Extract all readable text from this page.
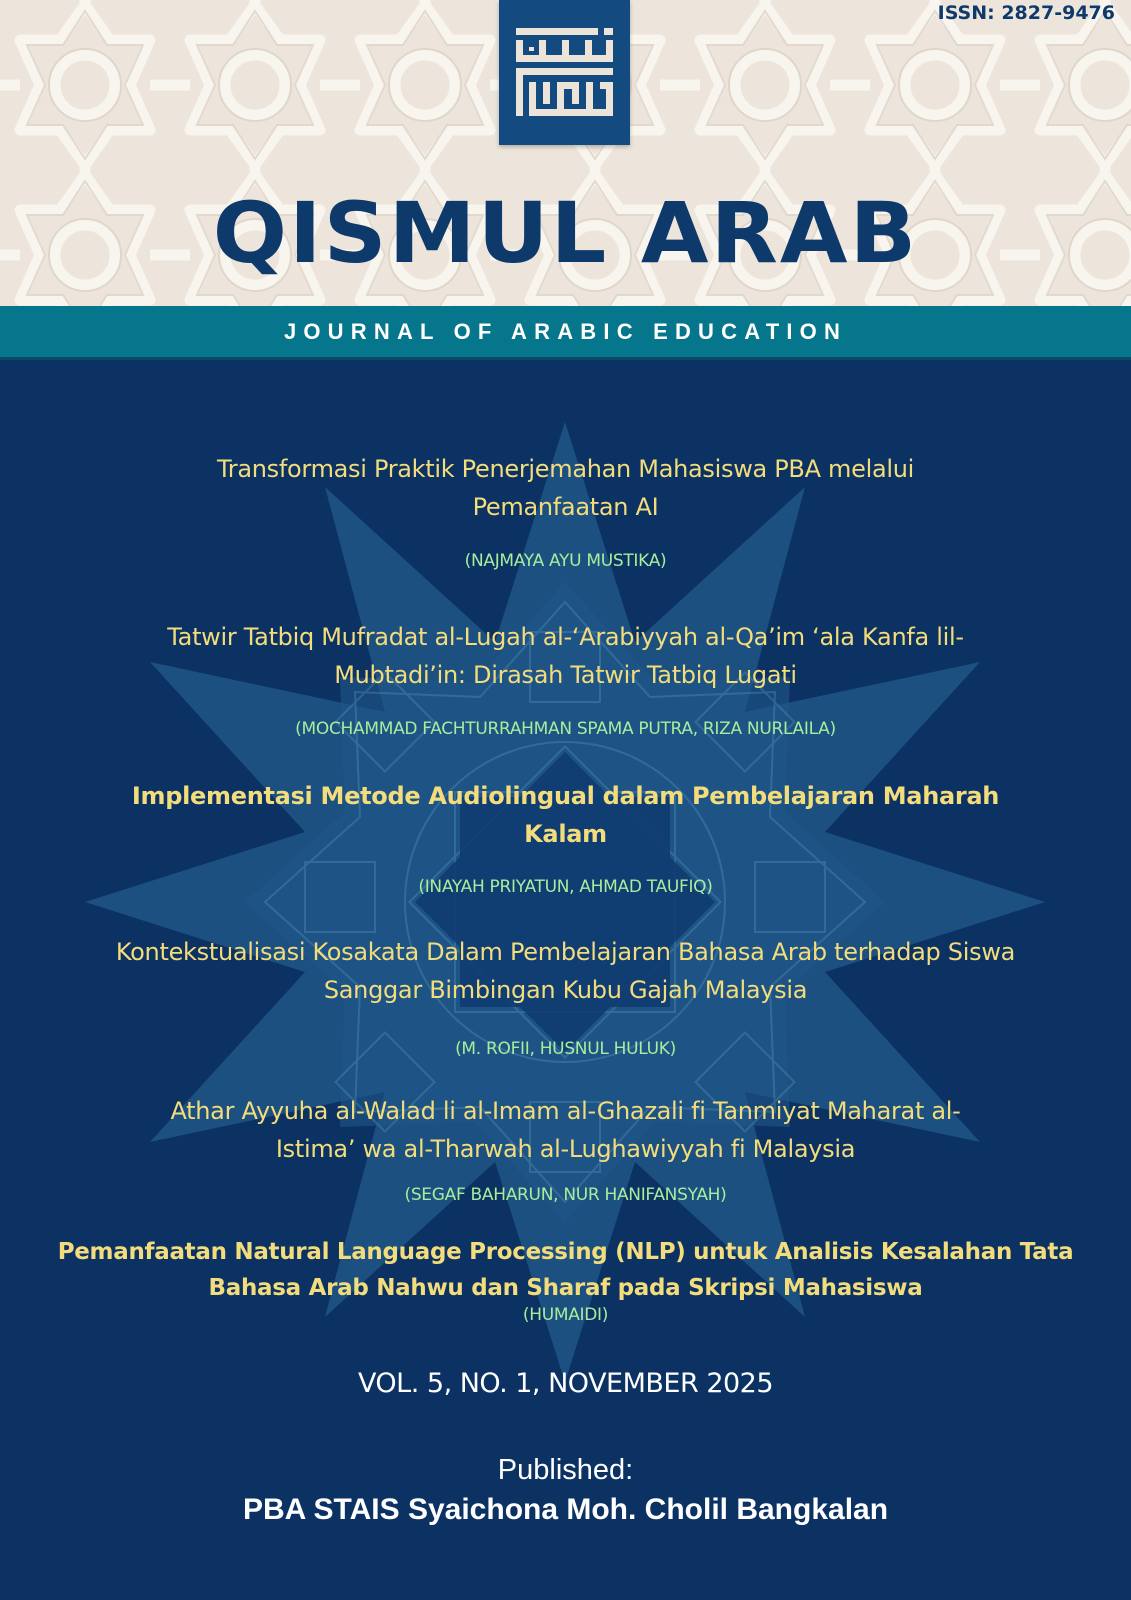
ISSN: 2827-9476
QISMUL ARAB
JOURNAL OF ARABIC EDUCATION
Transformasi Praktik Penerjemahan Mahasiswa PBA melalui
Pemanfaatan AI
(NAJMAYA AYU MUSTIKA)
Tatwir Tatbiq Mufradat al-Lugah al-‘Arabiyyah al-Qa’im ‘ala Kanfa lil-
Mubtadi’in: Dirasah Tatwir Tatbiq Lugati
(MOCHAMMAD FACHTURRAHMAN SPAMA PUTRA, RIZA NURLAILA)
Implementasi Metode Audiolingual dalam Pembelajaran Maharah
Kalam
(INAYAH PRIYATUN, AHMAD TAUFIQ)
Kontekstualisasi Kosakata Dalam Pembelajaran Bahasa Arab terhadap Siswa
Sanggar Bimbingan Kubu Gajah Malaysia
(M. ROFII, HUSNUL HULUK)
Athar Ayyuha al-Walad li al-Imam al-Ghazali fi Tanmiyat Maharat al-
Istima’ wa al-Tharwah al-Lughawiyyah fi Malaysia
(SEGAF BAHARUN, NUR HANIFANSYAH)
Pemanfaatan Natural Language Processing (NLP) untuk Analisis Kesalahan Tata
Bahasa Arab Nahwu dan Sharaf pada Skripsi Mahasiswa
(HUMAIDI)
VOL. 5, NO. 1, NOVEMBER 2025
Published:
PBA STAIS Syaichona Moh. Cholil Bangkalan
